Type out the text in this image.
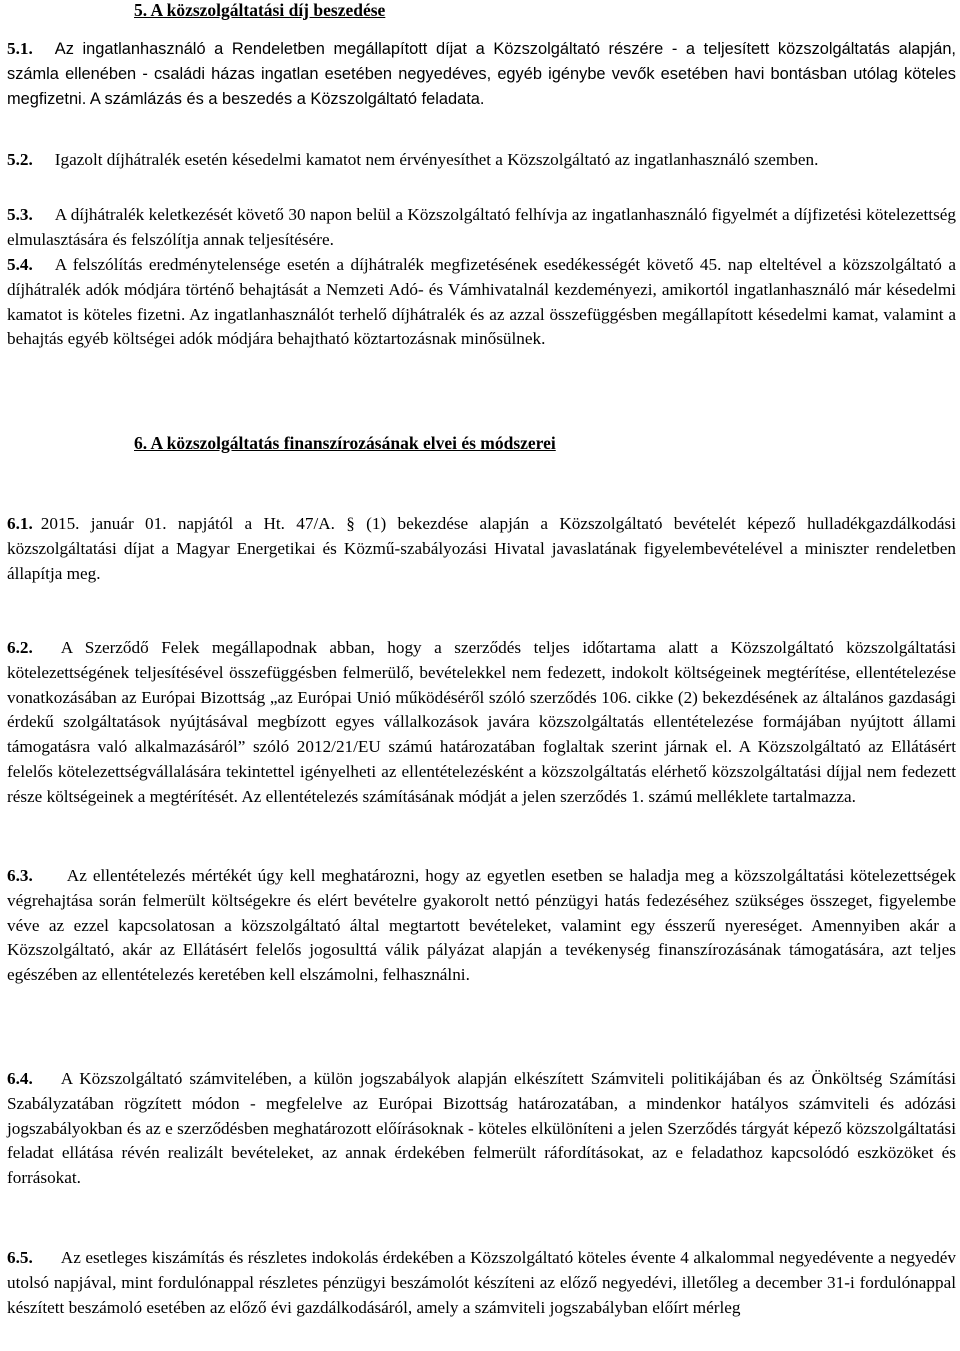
5. A közszolgáltatási díj beszedése

5.1. Az ingatlanhasználó a Rendeletben megállapított díjat a Közszolgáltató részére - a teljesített közszolgáltatás alapján, számla ellenében - családi házas ingatlan esetében negyedéves, egyéb igénybe vevők esetében havi bontásban utólag köteles megfizetni. A számlázás és a beszedés a Közszolgáltató feladata.

5.2. Igazolt díjhátralék esetén késedelmi kamatot nem érvényesíthet a Közszolgáltató az ingatlanhasználó szemben.

5.3. A díjhátralék keletkezését követő 30 napon belül a Közszolgáltató felhívja az ingatlanhasználó figyelmét a díjfizetési kötelezettség elmulasztására és felszólítja annak teljesítésére.

5.4. A felszólítás eredménytelensége esetén a díjhátralék megfizetésének esedékességét követő 45. nap elteltével a közszolgáltató a díjhátralék adók módjára történő behajtását a Nemzeti Adó- és Vámhivatalnál kezdeményezi, amikortól ingatlanhasználó már késedelmi kamatot is köteles fizetni. Az ingatlanhasználót terhelő díjhátralék és az azzal összefüggésben megállapított késedelmi kamat, valamint a behajtás egyéb költségei adók módjára behajtható köztartozásnak minősülnek.

6. A közszolgáltatás finanszírozásának elvei és módszerei

6.1. 2015. január 01. napjától a Ht. 47/A. § (1) bekezdése alapján a Közszolgáltató bevételét képező hulladékgazdálkodási közszolgáltatási díjat a Magyar Energetikai és Közmű-szabályozási Hivatal javaslatának figyelembevételével a miniszter rendeletben állapítja meg.

6.2. A Szerződő Felek megállapodnak abban, hogy a szerződés teljes időtartama alatt a Közszolgáltató közszolgáltatási kötelezettségének teljesítésével összefüggésben felmerülő, bevételekkel nem fedezett, indokolt költségeinek megtérítése, ellentételezése vonatkozásában az Európai Bizottság „az Európai Unió működéséről szóló szerződés 106. cikke (2) bekezdésének az általános gazdasági érdekű szolgáltatások nyújtásával megbízott egyes vállalkozások javára közszolgáltatás ellentételezése formájában nyújtott állami támogatásra való alkalmazásáról” szóló 2012/21/EU számú határozatában foglaltak szerint járnak el. A Közszolgáltató az Ellátásért felelős kötelezettségvállalására tekintettel igényelheti az ellentételezésként a közszolgáltatás elérhető közszolgáltatási díjjal nem fedezett része költségeinek a megtérítését. Az ellentételezés számításának módját a jelen szerződés 1. számú melléklete tartalmazza.

6.3. Az ellentételezés mértékét úgy kell meghatározni, hogy az egyetlen esetben se haladja meg a közszolgáltatási kötelezettségek végrehajtása során felmerült költségekre és elért bevételre gyakorolt nettó pénzügyi hatás fedezéséhez szükséges összeget, figyelembe véve az ezzel kapcsolatosan a közszolgáltató által megtartott bevételeket, valamint egy ésszerű nyereséget. Amennyiben akár a Közszolgáltató, akár az Ellátásért felelős jogosulttá válik pályázat alapján a tevékenység finanszírozásának támogatására, azt teljes egészében az ellentételezés keretében kell elszámolni, felhasználni.

6.4. A Közszolgáltató számvitelében, a külön jogszabályok alapján elkészített Számviteli politikájában és az Önköltség Számítási Szabályzatában rögzített módon - megfelelve az Európai Bizottság határozatában, a mindenkor hatályos számviteli és adózási jogszabályokban és az e szerződésben meghatározott előírásoknak - köteles elkülöníteni a jelen Szerződés tárgyát képező közszolgáltatási feladat ellátása révén realizált bevételeket, az annak érdekében felmerült ráfordításokat, az e feladathoz kapcsolódó eszközöket és forrásokat.

6.5. Az esetleges kiszámítás és részletes indokolás érdekében a Közszolgáltató köteles évente 4 alkalommal negyedévente a negyedév utolsó napjával, mint fordulónappal részletes pénzügyi beszámolót készíteni az előző negyedévi, illetőleg a december 31-i fordulónappal készített beszámoló esetében az előző évi gazdálkodásáról, amely a számviteli jogszabályban előírt mérleg
